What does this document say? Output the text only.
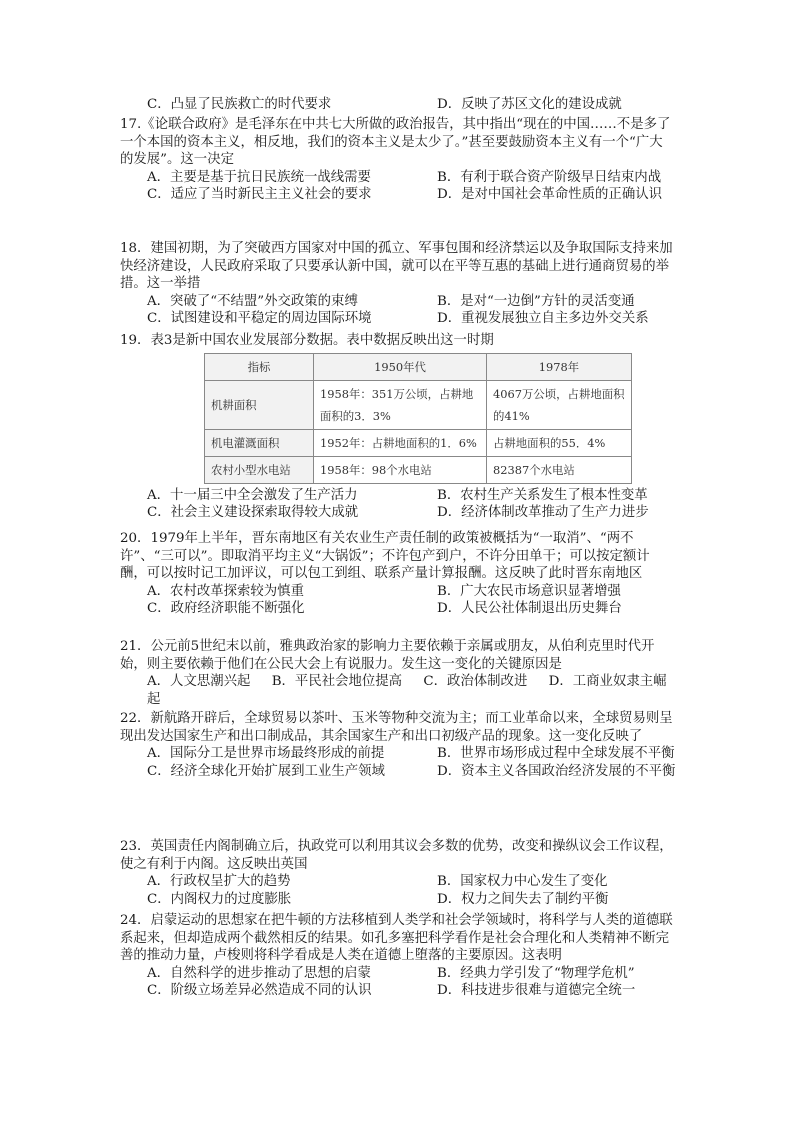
C．凸显了民族救亡的时代要求	D．反映了苏区文化的建设成就
17.《论联合政府》是毛泽东在中共七大所做的政治报告，其中指出“现在的中国……不是多了一个本国的资本主义，相反地，我们的资本主义是太少了。”甚至要鼓励资本主义有一个“广大的发展”。这一决定
A．主要是基于抗日民族统一战线需要	B．有利于联合资产阶级早日结束内战
C．适应了当时新民主主义社会的要求	D．是对中国社会革命性质的正确认识
18．建国初期，为了突破西方国家对中国的孤立、军事包围和经济禁运以及争取国际支持来加快经济建设，人民政府采取了只要承认新中国，就可以在平等互惠的基础上进行通商贸易的举措。这一举措
A．突破了“不结盟”外交政策的束缚	B．是对“一边倒”方针的灵活变通
C．试图建设和平稳定的周边国际环境	D．重视发展独立自主多边外交关系
19．表3是新中国农业发展部分数据。表中数据反映出这一时期
指标	1950年代	1978年
机耕面积	1958年：351万公顷，占耕地面积的3．3%	4067万公顷，占耕地面积的41%
机电灌溉面积	1952年：占耕地面积的1．6%	占耕地面积的55．4%
农村小型水电站	1958年：98个水电站	82387个水电站
A．十一届三中全会激发了生产活力	B．农村生产关系发生了根本性变革
C．社会主义建设探索取得较大成就	D．经济体制改革推动了生产力进步
20．1979年上半年，晋东南地区有关农业生产责任制的政策被概括为“一取消”、“两不许”、“三可以”。即取消平均主义“大锅饭”；不许包产到户，不许分田单干；可以按定额计酬，可以按时记工加评议，可以包工到组、联系产量计算报酬。这反映了此时晋东南地区
A．农村改革探索较为慎重	B．广大农民市场意识显著增强
C．政府经济职能不断强化	D．人民公社体制退出历史舞台
21．公元前5世纪末以前，雅典政治家的影响力主要依赖于亲属或朋友，从伯利克里时代开始，则主要依赖于他们在公民大会上有说服力。发生这一变化的关键原因是
A．人文思潮兴起 B．平民社会地位提高 C．政治体制改进 D．工商业奴隶主崛起
22．新航路开辟后，全球贸易以茶叶、玉米等物种交流为主；而工业革命以来，全球贸易则呈现出发达国家生产和出口制成品，其余国家生产和出口初级产品的现象。这一变化反映了
A．国际分工是世界市场最终形成的前提	B．世界市场形成过程中全球发展不平衡
C．经济全球化开始扩展到工业生产领域	D．资本主义各国政治经济发展的不平衡
23．英国责任内阁制确立后，执政党可以利用其议会多数的优势，改变和操纵议会工作议程，使之有利于内阁。这反映出英国
A．行政权呈扩大的趋势	B．国家权力中心发生了变化
C．内阁权力的过度膨胀	D．权力之间失去了制约平衡
24．启蒙运动的思想家在把牛顿的方法移植到人类学和社会学领域时，将科学与人类的道德联系起来，但却造成两个截然相反的结果。如孔多塞把科学看作是社会合理化和人类精神不断完善的推动力量，卢梭则将科学看成是人类在道德上堕落的主要原因。这表明
A．自然科学的进步推动了思想的启蒙	B．经典力学引发了“物理学危机”
C．阶级立场差异必然造成不同的认识	D．科技进步很难与道德完全统一
